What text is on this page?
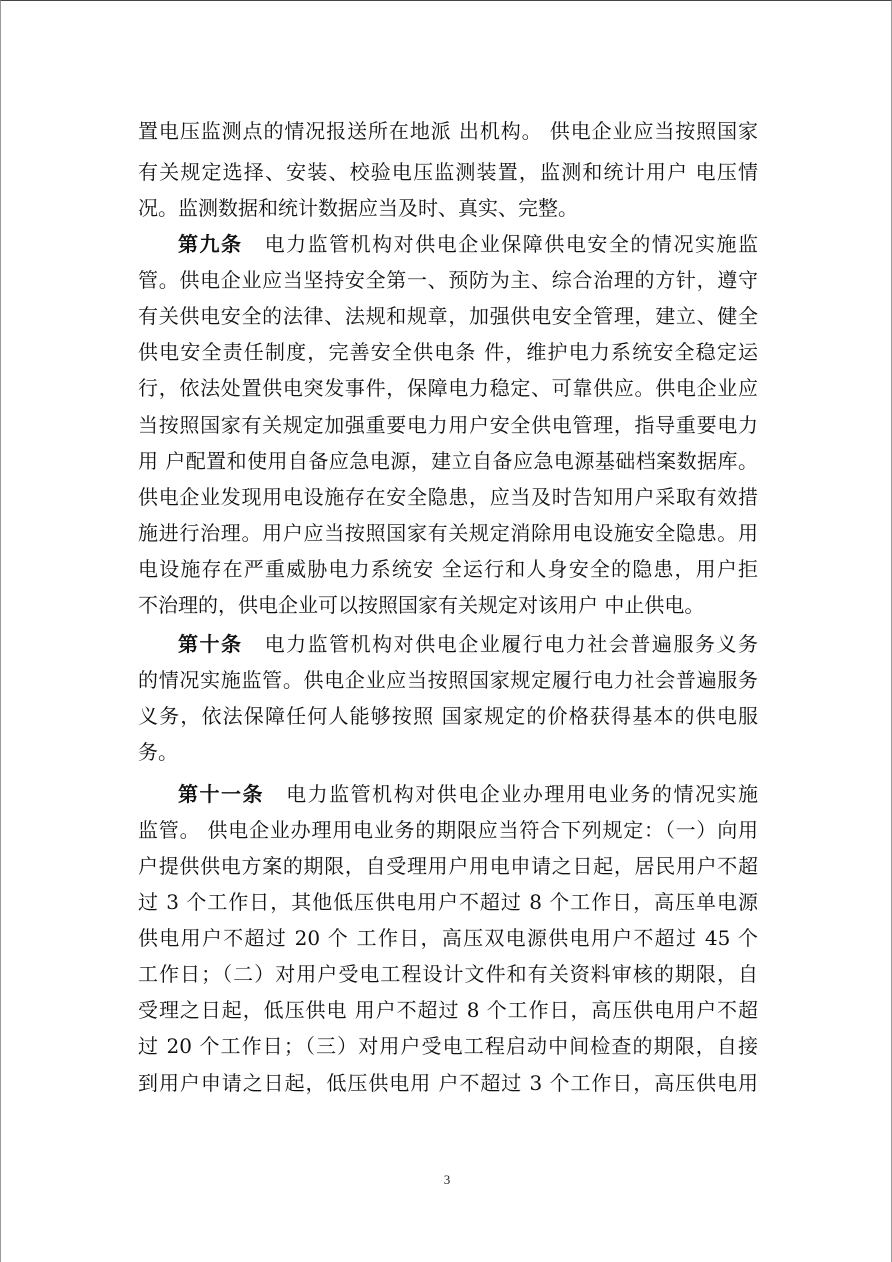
置电压监测点的情况报送所在地派 出机构。 供电企业应当按照国家

有关规定选择、安装、校验电压监测装置，监测和统计用户 电压情

况。监测数据和统计数据应当及时、真实、完整。

第九条 电力监管机构对供电企业保障供电安全的情况实施监

管。供电企业应当坚持安全第一、预防为主、综合治理的方针，遵守

有关供电安全的法律、法规和规章，加强供电安全管理，建立、健全

供电安全责任制度，完善安全供电条 件，维护电力系统安全稳定运

行，依法处置供电突发事件，保障电力稳定、可靠供应。供电企业应

当按照国家有关规定加强重要电力用户安全供电管理，指导重要电力

用 户配置和使用自备应急电源，建立自备应急电源基础档案数据库。

供电企业发现用电设施存在安全隐患，应当及时告知用户采取有效措

施进行治理。用户应当按照国家有关规定消除用电设施安全隐患。用

电设施存在严重威胁电力系统安 全运行和人身安全的隐患，用户拒

不治理的，供电企业可以按照国家有关规定对该用户 中止供电。

第十条 电力监管机构对供电企业履行电力社会普遍服务义务

的情况实施监管。供电企业应当按照国家规定履行电力社会普遍服务

义务，依法保障任何人能够按照 国家规定的价格获得基本的供电服

务。

第十一条 电力监管机构对供电企业办理用电业务的情况实施

监管。 供电企业办理用电业务的期限应当符合下列规定：（一）向用

户提供供电方案的期限，自受理用户用电申请之日起，居民用户不超

过 3 个工作日，其他低压供电用户不超过 8 个工作日，高压单电源

供电用户不超过 20 个 工作日，高压双电源供电用户不超过 45 个

工作日；（二）对用户受电工程设计文件和有关资料审核的期限，自

受理之日起，低压供电 用户不超过 8 个工作日，高压供电用户不超

过 20 个工作日；（三）对用户受电工程启动中间检查的期限，自接

到用户申请之日起，低压供电用 户不超过 3 个工作日，高压供电用

3
